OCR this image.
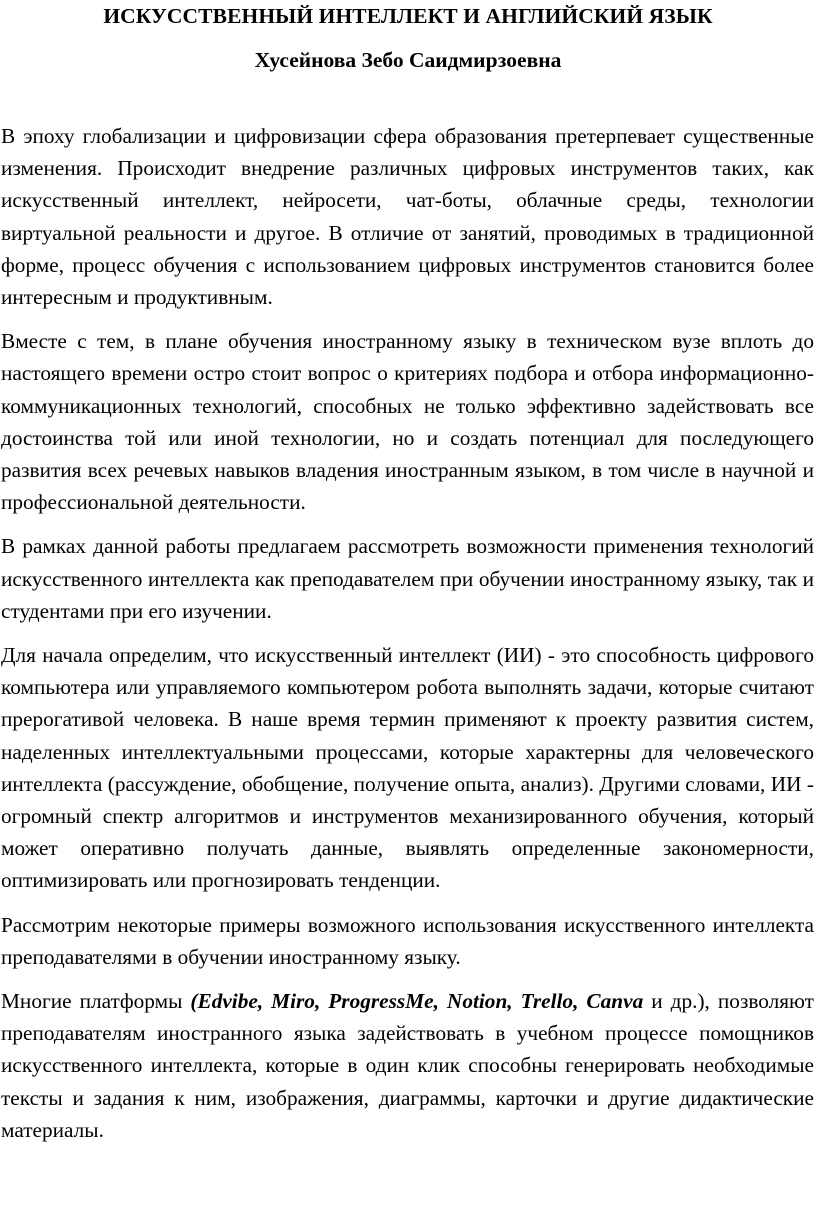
ИСКУССТВЕННЫЙ ИНТЕЛЛЕКТ И АНГЛИЙСКИЙ ЯЗЫК
Хусейнова Зебо Саидмирзоевна

В эпоху глобализации и цифровизации сфера образования претерпевает существенные изменения. Происходит внедрение различных цифровых инструментов таких, как искусственный интеллект, нейросети, чат-боты, облачные среды, технологии виртуальной реальности и другое. В отличие от занятий, проводимых в традиционной форме, процесс обучения с использованием цифровых инструментов становится более интересным и продуктивным.

Вместе с тем, в плане обучения иностранному языку в техническом вузе вплоть до настоящего времени остро стоит вопрос о критериях подбора и отбора информационно-коммуникационных технологий, способных не только эффективно задействовать все достоинства той или иной технологии, но и создать потенциал для последующего развития всех речевых навыков владения иностранным языком, в том числе в научной и профессиональной деятельности.

В рамках данной работы предлагаем рассмотреть возможности применения технологий искусственного интеллекта как преподавателем при обучении иностранному языку, так и студентами при его изучении.

Для начала определим, что искусственный интеллект (ИИ) - это способность цифрового компьютера или управляемого компьютером робота выполнять задачи, которые считают прерогативой человека. В наше время термин применяют к проекту развития систем, наделенных интеллектуальными процессами, которые характерны для человеческого интеллекта (рассуждение, обобщение, получение опыта, анализ). Другими словами, ИИ - огромный спектр алгоритмов и инструментов механизированного обучения, который может оперативно получать данные, выявлять определенные закономерности, оптимизировать или прогнозировать тенденции.

Рассмотрим некоторые примеры возможного использования искусственного интеллекта преподавателями в обучении иностранному языку.

Многие платформы (Edvibe, Miro, ProgressMe, Notion, Trello, Canva и др.), позволяют преподавателям иностранного языка задействовать в учебном процессе помощников искусственного интеллекта, которые в один клик способны генерировать необходимые тексты и задания к ним, изображения, диаграммы, карточки и другие дидактические материалы.
